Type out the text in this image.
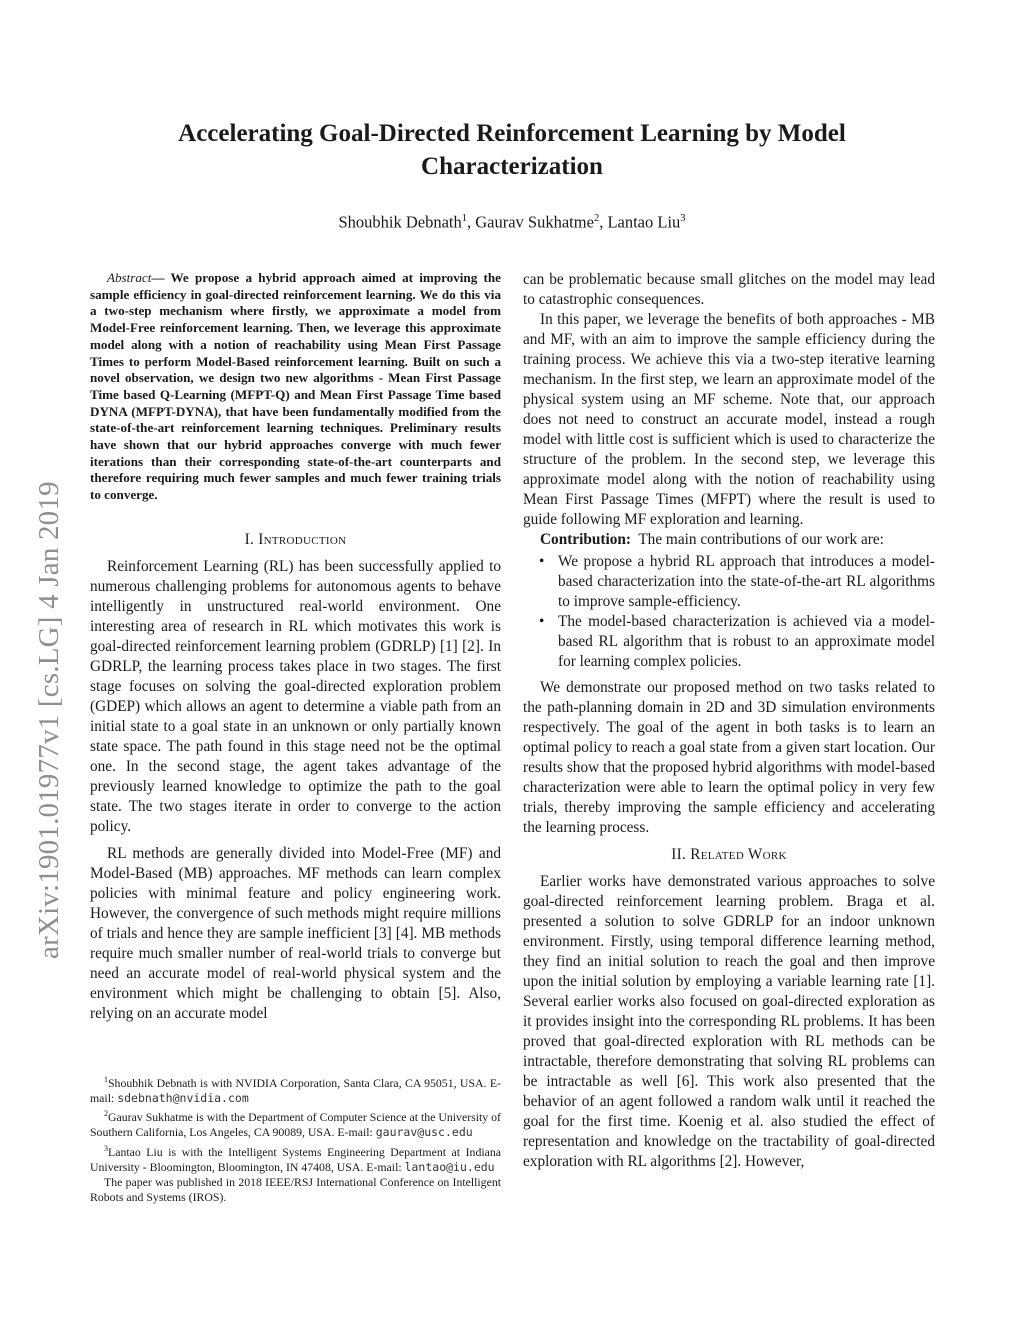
arXiv:1901.01977v1 [cs.LG] 4 Jan 2019
Accelerating Goal-Directed Reinforcement Learning by Model Characterization
Shoubhik Debnath$^1$, Gaurav Sukhatme$^2$, Lantao Liu$^3$

Abstract— We propose a hybrid approach aimed at improving the sample efficiency in goal-directed reinforcement learning. We do this via a two-step mechanism where firstly, we approximate a model from Model-Free reinforcement learning. Then, we leverage this approximate model along with a notion of reachability using Mean First Passage Times to perform Model-Based reinforcement learning. Built on such a novel observation, we design two new algorithms - Mean First Passage Time based Q-Learning (MFPT-Q) and Mean First Passage Time based DYNA (MFPT-DYNA), that have been fundamentally modified from the state-of-the-art reinforcement learning techniques. Preliminary results have shown that our hybrid approaches converge with much fewer iterations than their corresponding state-of-the-art counterparts and therefore requiring much fewer samples and much fewer training trials to converge.

I. Introduction

Reinforcement Learning (RL) has been successfully applied to numerous challenging problems for autonomous agents to behave intelligently in unstructured real-world environment. One interesting area of research in RL which motivates this work is goal-directed reinforcement learning problem (GDRLP) [1] [2]. In GDRLP, the learning process takes place in two stages. The first stage focuses on solving the goal-directed exploration problem (GDEP) which allows an agent to determine a viable path from an initial state to a goal state in an unknown or only partially known state space. The path found in this stage need not be the optimal one. In the second stage, the agent takes advantage of the previously learned knowledge to optimize the path to the goal state. The two stages iterate in order to converge to the action policy.

RL methods are generally divided into Model-Free (MF) and Model-Based (MB) approaches. MF methods can learn complex policies with minimal feature and policy engineering work. However, the convergence of such methods might require millions of trials and hence they are sample inefficient [3] [4]. MB methods require much smaller number of real-world trials to converge but need an accurate model of real-world physical system and the environment which might be challenging to obtain [5]. Also, relying on an accurate model

$^1$Shoubhik Debnath is with NVIDIA Corporation, Santa Clara, CA 95051, USA. E-mail: sdebnath@nvidia.com

$^2$Gaurav Sukhatme is with the Department of Computer Science at the University of Southern California, Los Angeles, CA 90089, USA. E-mail: gaurav@usc.edu

$^3$Lantao Liu is with the Intelligent Systems Engineering Department at Indiana University - Bloomington, Bloomington, IN 47408, USA. E-mail: lantao@iu.edu

The paper was published in 2018 IEEE/RSJ International Conference on Intelligent Robots and Systems (IROS).

can be problematic because small glitches on the model may lead to catastrophic consequences.

In this paper, we leverage the benefits of both approaches - MB and MF, with an aim to improve the sample efficiency during the training process. We achieve this via a two-step iterative learning mechanism. In the first step, we learn an approximate model of the physical system using an MF scheme. Note that, our approach does not need to construct an accurate model, instead a rough model with little cost is sufficient which is used to characterize the structure of the problem. In the second step, we leverage this approximate model along with the notion of reachability using Mean First Passage Times (MFPT) where the result is used to guide following MF exploration and learning.

Contribution: The main contributions of our work are:

• We propose a hybrid RL approach that introduces a model-based characterization into the state-of-the-art RL algorithms to improve sample-efficiency.

• The model-based characterization is achieved via a model-based RL algorithm that is robust to an approximate model for learning complex policies.

We demonstrate our proposed method on two tasks related to the path-planning domain in 2D and 3D simulation environments respectively. The goal of the agent in both tasks is to learn an optimal policy to reach a goal state from a given start location. Our results show that the proposed hybrid algorithms with model-based characterization were able to learn the optimal policy in very few trials, thereby improving the sample efficiency and accelerating the learning process.

II. Related Work

Earlier works have demonstrated various approaches to solve goal-directed reinforcement learning problem. Braga et al. presented a solution to solve GDRLP for an indoor unknown environment. Firstly, using temporal difference learning method, they find an initial solution to reach the goal and then improve upon the initial solution by employing a variable learning rate [1]. Several earlier works also focused on goal-directed exploration as it provides insight into the corresponding RL problems. It has been proved that goal-directed exploration with RL methods can be intractable, therefore demonstrating that solving RL problems can be intractable as well [6]. This work also presented that the behavior of an agent followed a random walk until it reached the goal for the first time. Koenig et al. also studied the effect of representation and knowledge on the tractability of goal-directed exploration with RL algorithms [2]. However,
